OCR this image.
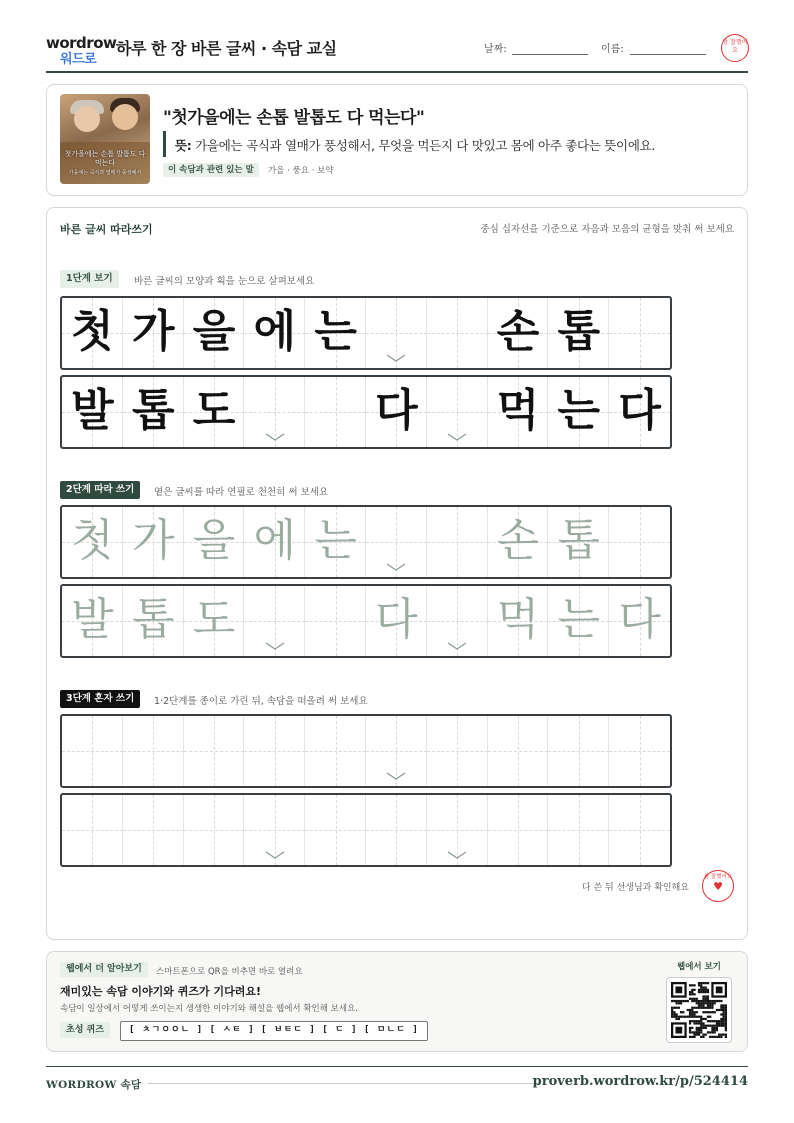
wordrow
워드로
하루 한 장 바른 글씨 · 속담 교실	날짜:	이름:
참 잘했어요
첫가을에는 손톱 발톱도 다 먹는다
가을에는 곡식과 열매가 풍성해서
"첫가을에는 손톱 발톱도 다 먹는다"
뜻: 가을에는 곡식과 열매가 풍성해서, 무엇을 먹든지 다 맛있고 몸에 아주 좋다는 뜻이에요.
이 속담과 관련 있는 말	가을 · 풍요 · 보약
바른 글씨 따라쓰기	중심 십자선을 기준으로 자음과 모음의 균형을 맞춰 써 보세요
1단계 보기	바른 글씨의 모양과 획을 눈으로 살펴보세요
2단계 따라 쓰기	옅은 글씨를 따라 연필로 천천히 써 보세요
3단계 혼자 쓰기	1·2단계를 종이로 가린 뒤, 속담을 떠올려 써 보세요
첫 가 을 에 는	손 톱
발 톱 도	다 먹 는 다
첫 가 을 에 는	손 톱
발 톱 도	다 먹 는 다
다 쓴 뒤 선생님과 확인해요
참 잘했어요
♥
웹에서 더 알아보기	스마트폰으로 QR을 비추면 바로 열려요
재미있는 속담 이야기와 퀴즈가 기다려요!
속담이 일상에서 어떻게 쓰이는지 생생한 이야기와 해설을 웹에서 확인해 보세요.
초성 퀴즈	[ ㅊㄱㅇㅇㄴ ] [ ㅅㅌ ] [ ㅂㅌㄷ ] [ ㄷ ] [ ㅁㄴㄷ ]
웹에서 보기
WORDROW 속담	proverb.wordrow.kr/p/524414
